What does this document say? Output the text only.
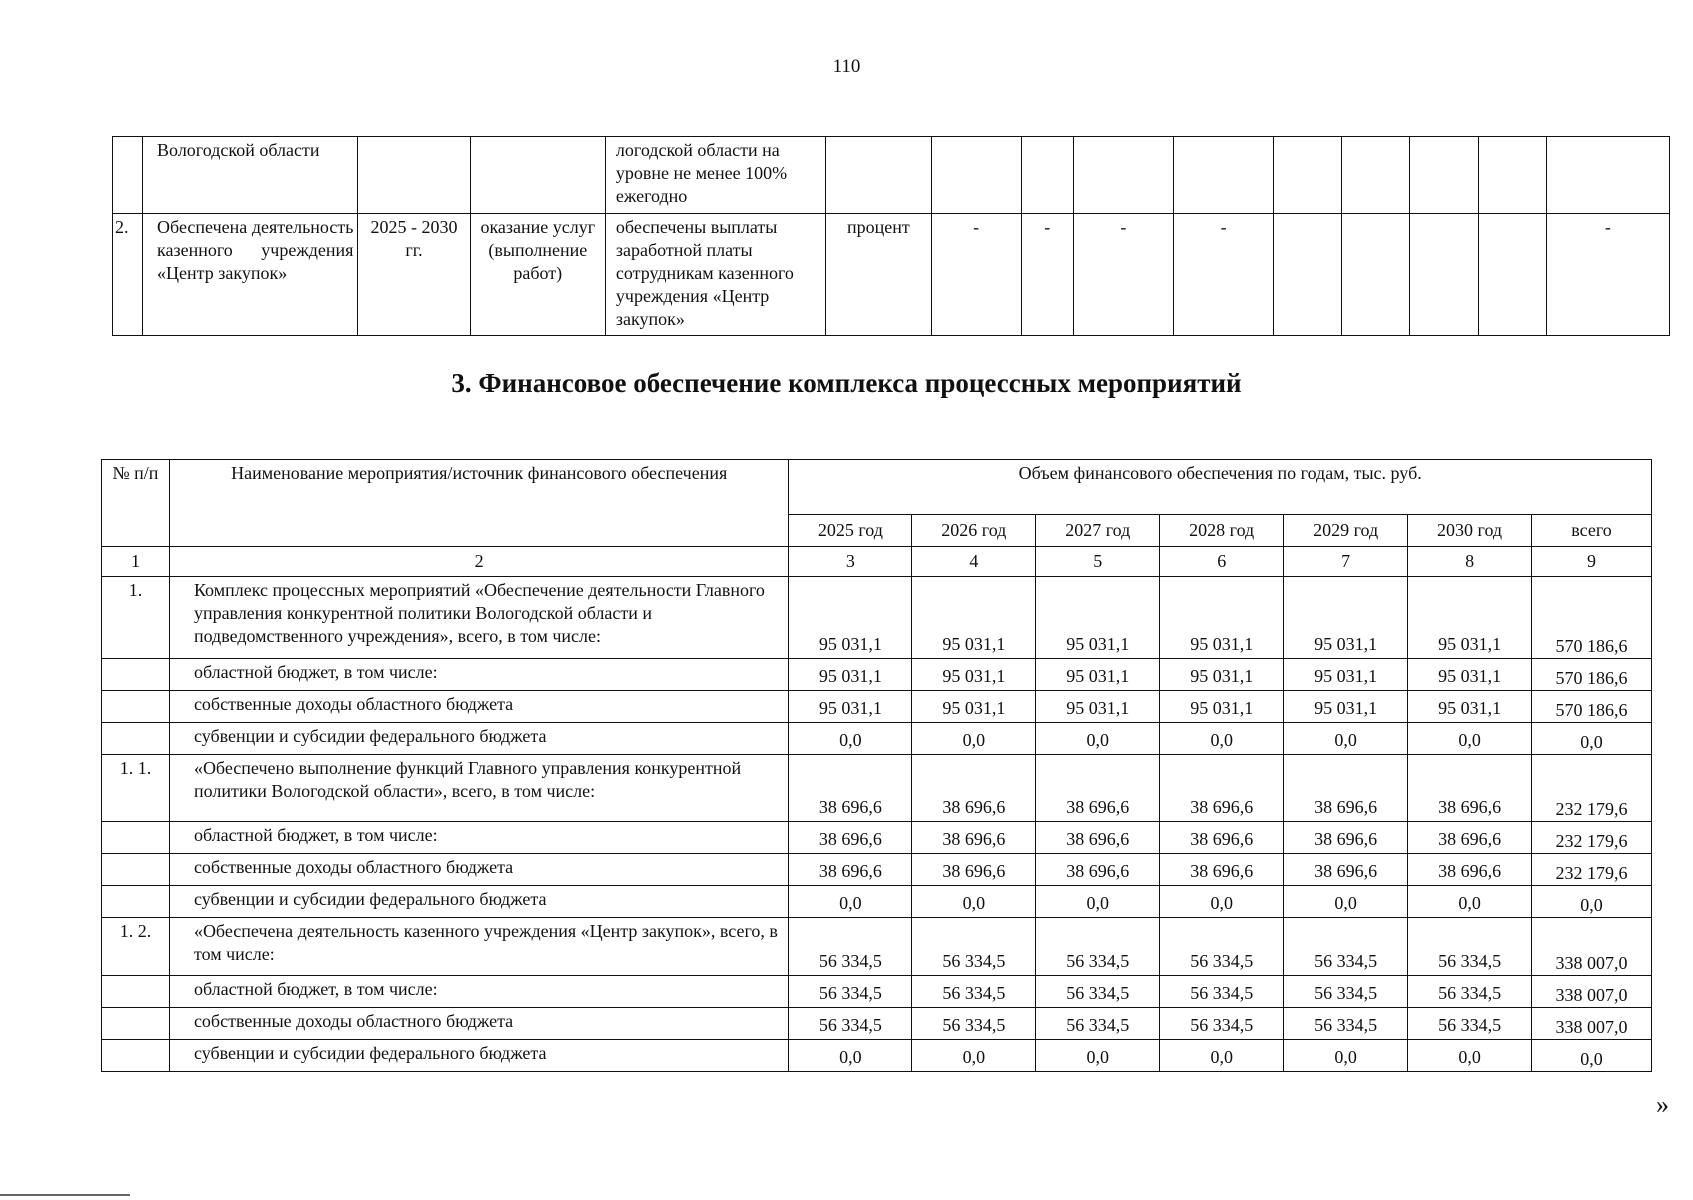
110
	Вологодской области			логодской области на уровне не менее 100% ежегодно										
2.	Обеспечена деятельность казенного учреждения «Центр закупок»	2025 - 2030 гг.	оказание услуг (выполнение работ)	обеспечены выплаты заработной платы сотрудникам казенного учреждения «Центр закупок»	процент	-	-	-	-					-
3. Финансовое обеспечение комплекса процессных мероприятий
№ п/п	Наименование мероприятия/источник финансового обеспечения	Объем финансового обеспечения по годам, тыс. руб.						
		2025 год	2026 год	2027 год	2028 год	2029 год	2030 год	всего
1	2	3	4	5	6	7	8	9
1.	Комплекс процессных мероприятий «Обеспечение деятельности Главного управления конкурентной политики Вологодской области и подведомственного учреждения», всего, в том числе:	95 031,1	95 031,1	95 031,1	95 031,1	95 031,1	95 031,1	570 186,6
	областной бюджет, в том числе:	95 031,1	95 031,1	95 031,1	95 031,1	95 031,1	95 031,1	570 186,6
	собственные доходы областного бюджета	95 031,1	95 031,1	95 031,1	95 031,1	95 031,1	95 031,1	570 186,6
	субвенции и субсидии федерального бюджета	0,0	0,0	0,0	0,0	0,0	0,0	0,0
1. 1.	«Обеспечено выполнение функций Главного управления конкурентной политики Вологодской области», всего, в том числе:	38 696,6	38 696,6	38 696,6	38 696,6	38 696,6	38 696,6	232 179,6
	областной бюджет, в том числе:	38 696,6	38 696,6	38 696,6	38 696,6	38 696,6	38 696,6	232 179,6
	собственные доходы областного бюджета	38 696,6	38 696,6	38 696,6	38 696,6	38 696,6	38 696,6	232 179,6
	субвенции и субсидии федерального бюджета	0,0	0,0	0,0	0,0	0,0	0,0	0,0
1. 2.	«Обеспечена деятельность казенного учреждения «Центр закупок», всего, в том числе:	56 334,5	56 334,5	56 334,5	56 334,5	56 334,5	56 334,5	338 007,0
	областной бюджет, в том числе:	56 334,5	56 334,5	56 334,5	56 334,5	56 334,5	56 334,5	338 007,0
	собственные доходы областного бюджета	56 334,5	56 334,5	56 334,5	56 334,5	56 334,5	56 334,5	338 007,0
	субвенции и субсидии федерального бюджета	0,0	0,0	0,0	0,0	0,0	0,0	0,0
»
